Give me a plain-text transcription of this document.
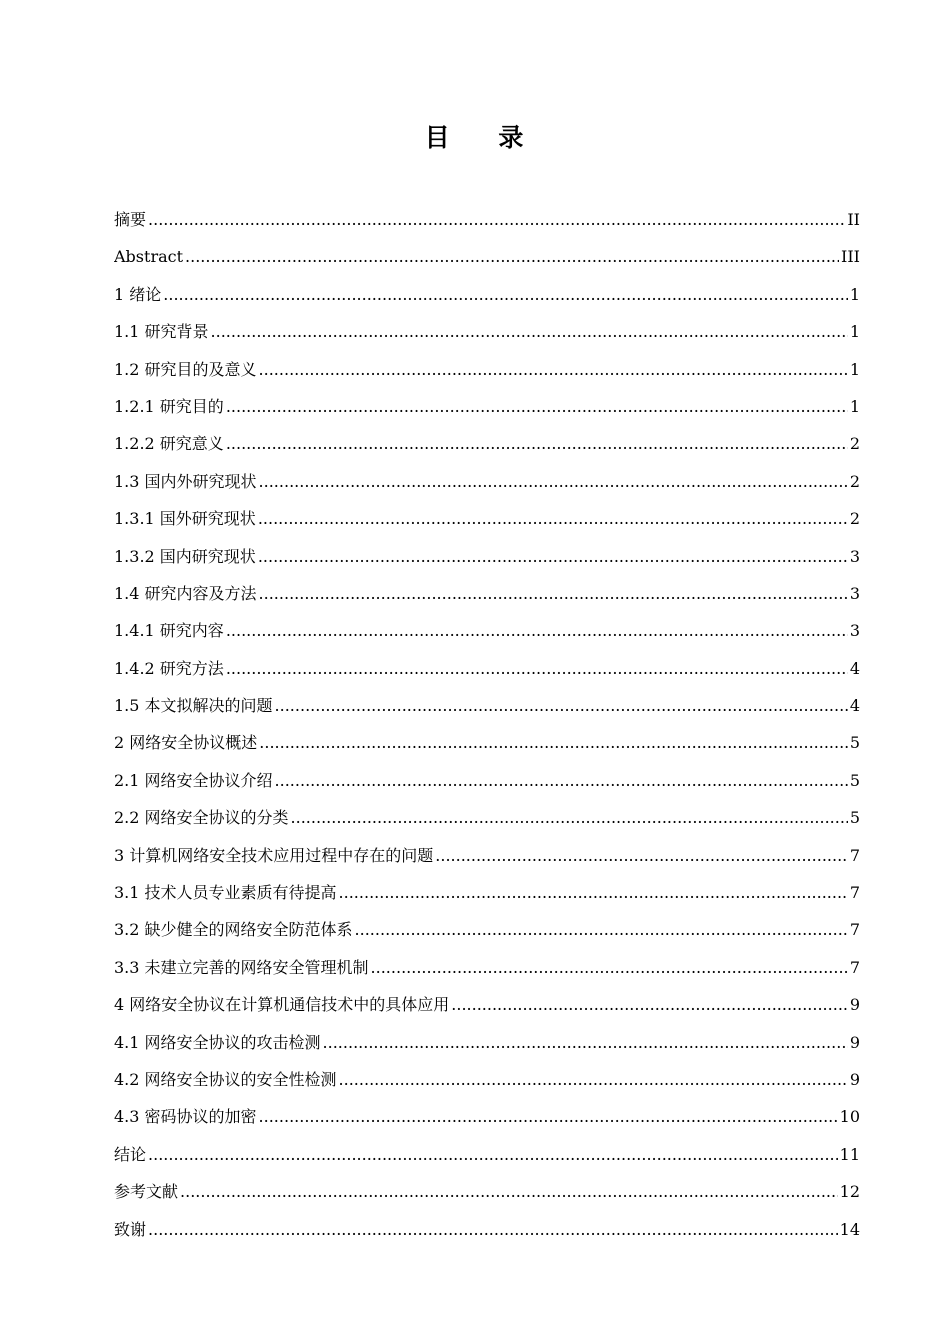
目 录
摘要 .....	II
Abstract .....	III
1 绪论 .....	1
1.1 研究背景 .....	1
1.2 研究目的及意义 .....	1
1.2.1 研究目的 .....	1
1.2.2 研究意义 .....	2
1.3 国内外研究现状 .....	2
1.3.1 国外研究现状 .....	2
1.3.2 国内研究现状 .....	3
1.4 研究内容及方法 .....	3
1.4.1 研究内容 .....	3
1.4.2 研究方法 .....	4
1.5 本文拟解决的问题 .....	4
2 网络安全协议概述 .....	5
2.1 网络安全协议介绍 .....	5
2.2 网络安全协议的分类 .....	5
3 计算机网络安全技术应用过程中存在的问题 .....	7
3.1 技术人员专业素质有待提高 .....	7
3.2 缺少健全的网络安全防范体系 .....	7
3.3 未建立完善的网络安全管理机制 .....	7
4 网络安全协议在计算机通信技术中的具体应用 .....	9
4.1 网络安全协议的攻击检测 .....	9
4.2 网络安全协议的安全性检测 .....	9
4.3 密码协议的加密 .....	10
结论 .....	11
参考文献 .....	12
致谢 .....	14
